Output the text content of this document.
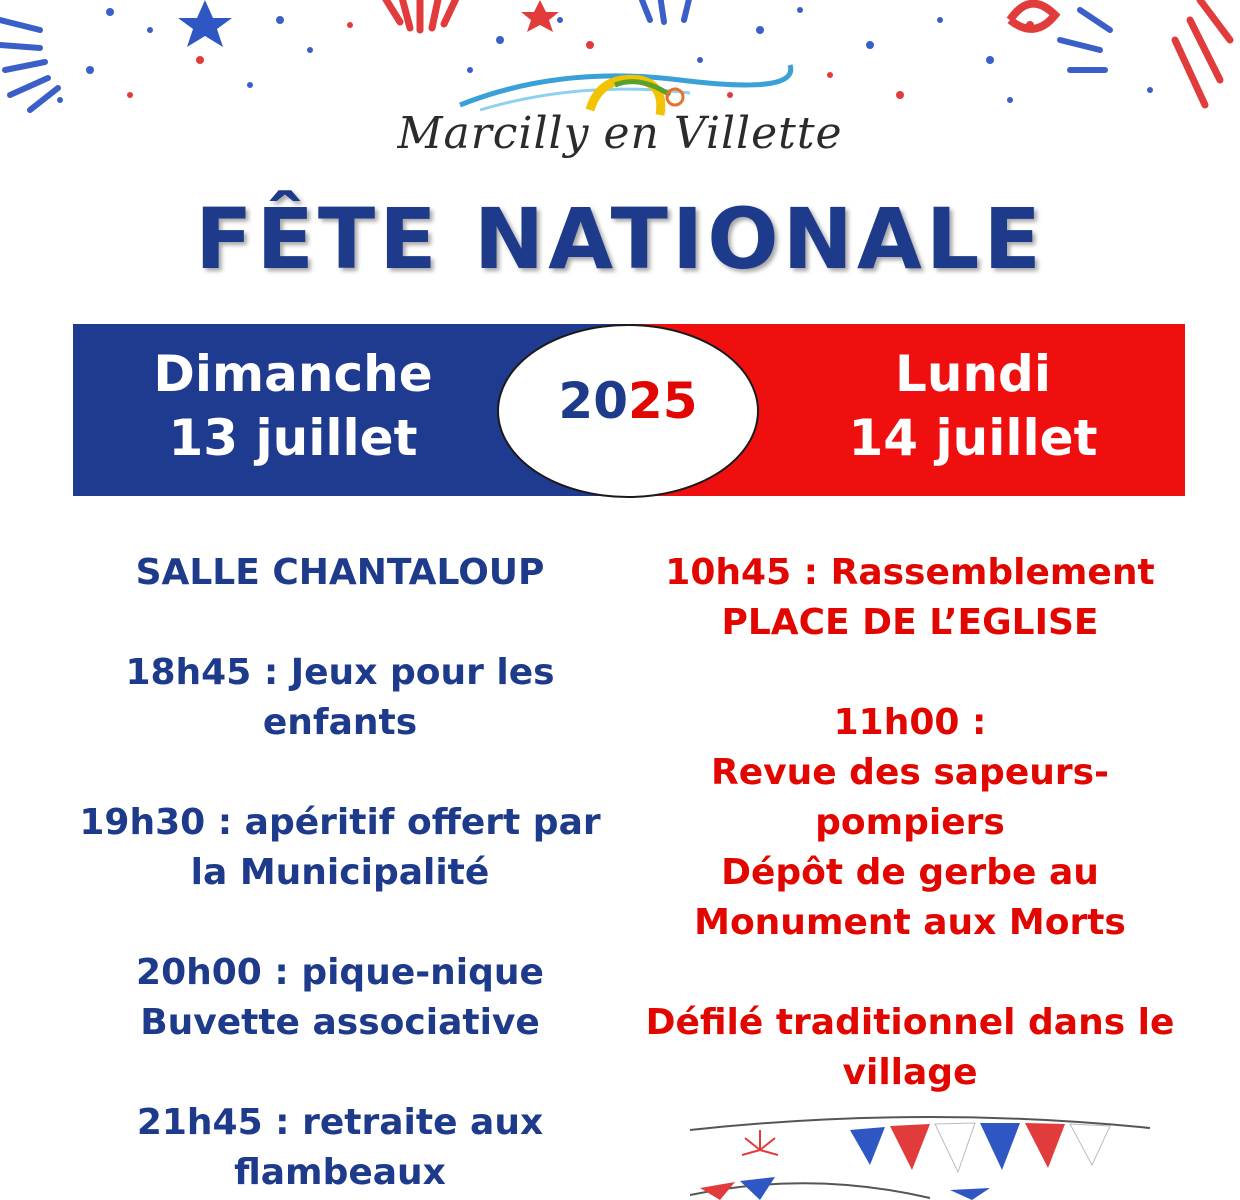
Marcilly en Villette
FÊTE NATIONALE
Dimanche
13 juillet
Lundi
14 juillet
2025
SALLE CHANTALOUP
18h45 : Jeux pour les
enfants
19h30 : apéritif offert par
la Municipalité
20h00 : pique-nique
Buvette associative
21h45 : retraite aux
flambeaux
10h45 : Rassemblement
PLACE DE L’EGLISE
11h00 :
Revue des sapeurs-
pompiers
Dépôt de gerbe au
Monument aux Morts
Défilé traditionnel dans le
village
